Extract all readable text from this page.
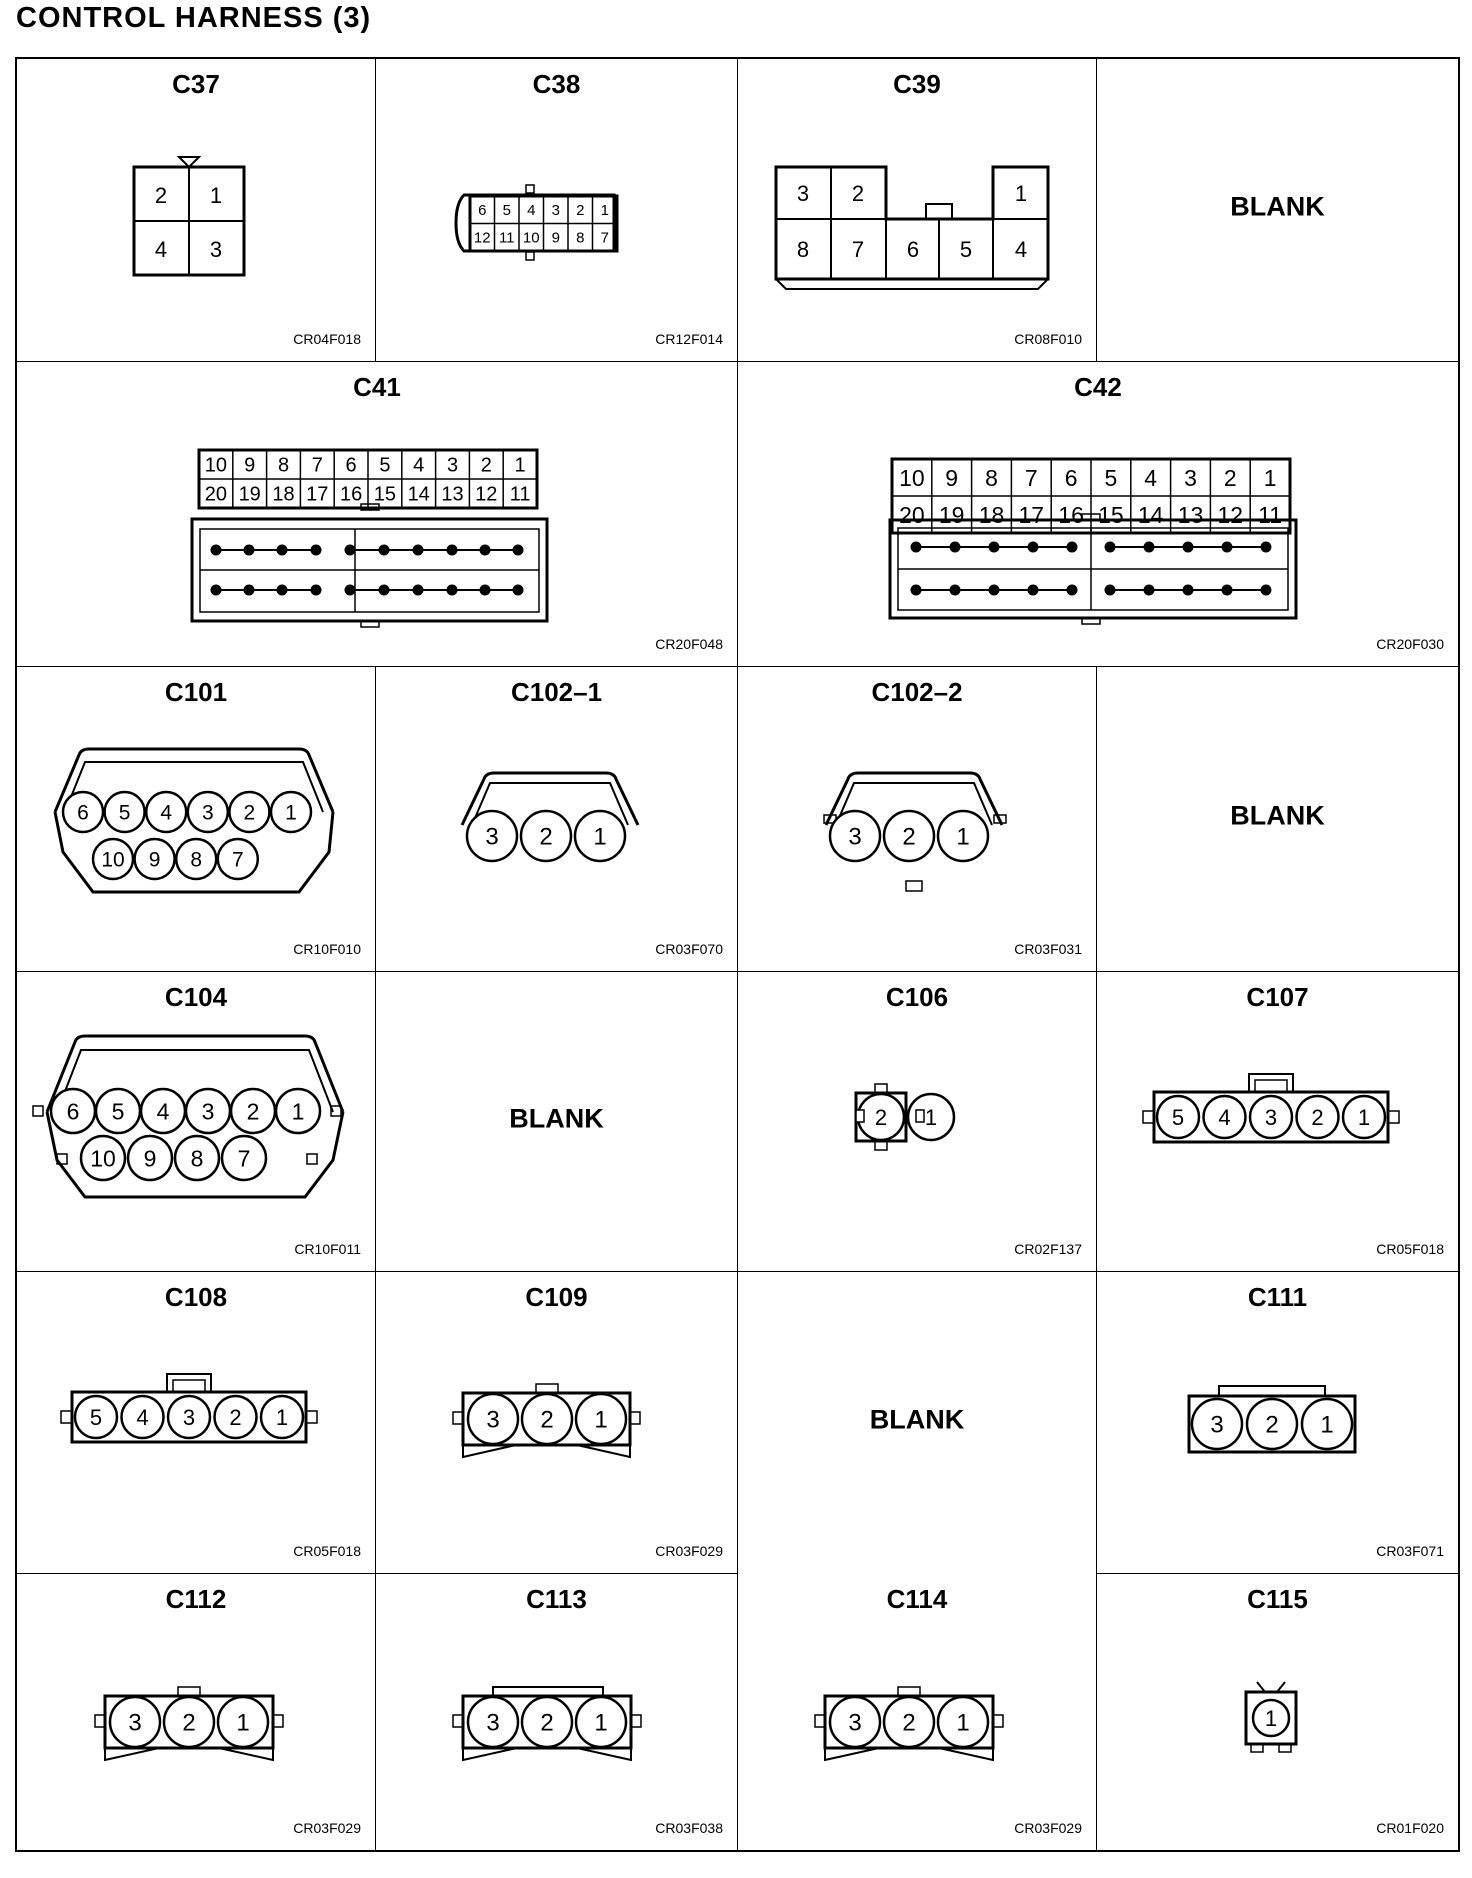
CONTROL HARNESS (3)
C37
2 1
4 3
CR04F018
C38
6 5 4 3 2 1
12 11 10 9 8 7
CR12F014
C39
3 2	1
8 7 6 5 4
CR08F010
BLANK
C41
10 9 8 7 6 5 4 3 2 1
20 19 18 17 16 15 14 13 12 11
CR20F048
C42
10 9 8 7 6 5 4 3 2 1
20 19 18 17 16 15 14 13 12 11
CR20F030
C101
6 5 4 3 2 1
10 9 8 7
CR10F010
C102–1
3 2 1
CR03F070
C102–2
3 2 1
CR03F031
BLANK
C104
6 5 4 3 2 1
10 9 8 7
CR10F011
BLANK
C106
2 1
CR02F137
C107
5 4 3 2 1
CR05F018
C108
5 4 3 2 1
CR05F018
C109
3 2 1
CR03F029
BLANK
C111
3 2 1
CR03F071
C112
3 2 1
CR03F029
C113
3 2 1
CR03F038
C114
3 2 1
CR03F029
C115
1
CR01F020
